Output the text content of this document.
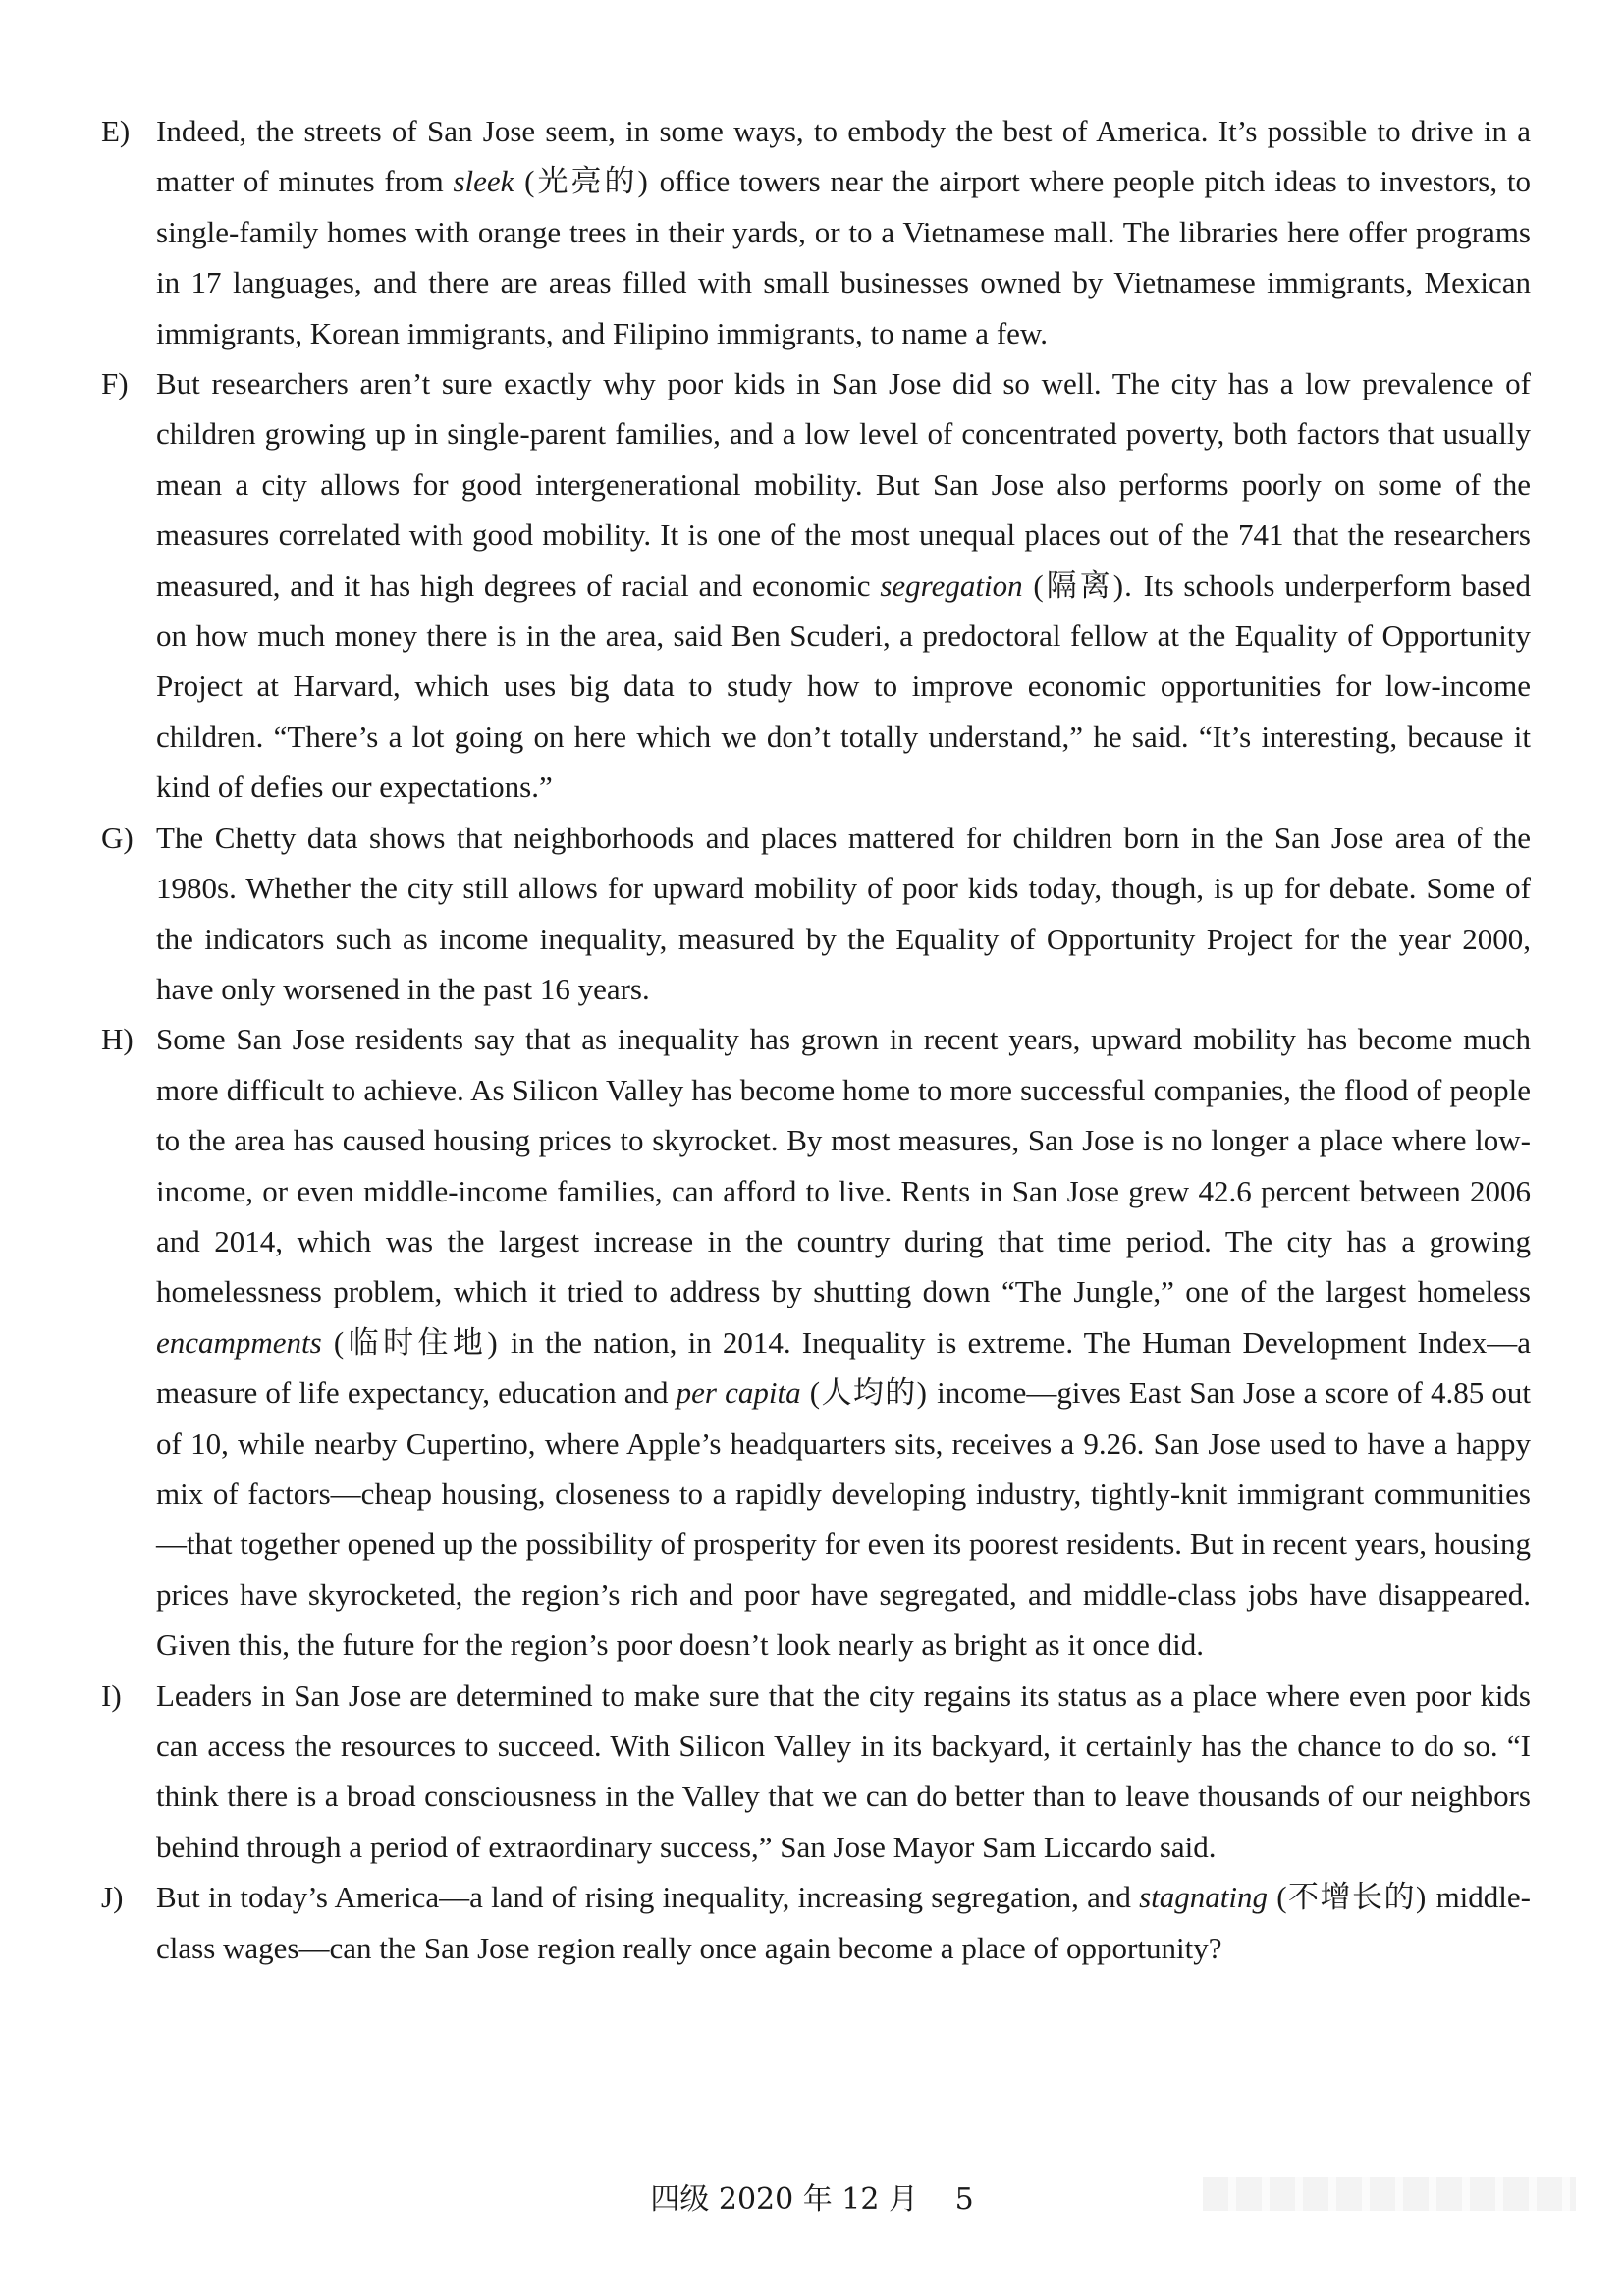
E) Indeed, the streets of San Jose seem, in some ways, to embody the best of America. It’s possible to drive in a matter of minutes from sleek (光亮的) office towers near the airport where people pitch ideas to investors, to single-family homes with orange trees in their yards, or to a Vietnamese mall. The libraries here offer programs in 17 languages, and there are areas filled with small businesses owned by Vietnamese immigrants, Mexican immigrants, Korean immigrants, and Filipino immigrants, to name a few.

F) But researchers aren’t sure exactly why poor kids in San Jose did so well. The city has a low prevalence of children growing up in single-parent families, and a low level of concentrated poverty, both factors that usually mean a city allows for good intergenerational mobility. But San Jose also performs poorly on some of the measures correlated with good mobility. It is one of the most unequal places out of the 741 that the researchers measured, and it has high degrees of racial and economic segregation (隔离). Its schools underperform based on how much money there is in the area, said Ben Scuderi, a predoctoral fellow at the Equality of Opportunity Project at Harvard, which uses big data to study how to improve economic opportunities for low-income children. “There’s a lot going on here which we don’t totally understand,” he said. “It’s interesting, because it kind of defies our expectations.”

G) The Chetty data shows that neighborhoods and places mattered for children born in the San Jose area of the 1980s. Whether the city still allows for upward mobility of poor kids today, though, is up for debate. Some of the indicators such as income inequality, measured by the Equality of Opportunity Project for the year 2000, have only worsened in the past 16 years.

H) Some San Jose residents say that as inequality has grown in recent years, upward mobility has become much more difficult to achieve. As Silicon Valley has become home to more successful companies, the flood of people to the area has caused housing prices to skyrocket. By most measures, San Jose is no longer a place where low-income, or even middle-income families, can afford to live. Rents in San Jose grew 42.6 percent between 2006 and 2014, which was the largest increase in the country during that time period. The city has a growing homelessness problem, which it tried to address by shutting down “The Jungle,” one of the largest homeless encampments (临时住地) in the nation, in 2014. Inequality is extreme. The Human Development Index—a measure of life expectancy, education and per capita (人均的) income—gives East San Jose a score of 4.85 out of 10, while nearby Cupertino, where Apple’s headquarters sits, receives a 9.26. San Jose used to have a happy mix of factors—cheap housing, closeness to a rapidly developing industry, tightly-knit immigrant communities—that together opened up the possibility of prosperity for even its poorest residents. But in recent years, housing prices have skyrocketed, the region’s rich and poor have segregated, and middle-class jobs have disappeared. Given this, the future for the region’s poor doesn’t look nearly as bright as it once did.

I) Leaders in San Jose are determined to make sure that the city regains its status as a place where even poor kids can access the resources to succeed. With Silicon Valley in its backyard, it certainly has the chance to do so. “I think there is a broad consciousness in the Valley that we can do better than to leave thousands of our neighbors behind through a period of extraordinary success,” San Jose Mayor Sam Liccardo said.

J) But in today’s America—a land of rising inequality, increasing segregation, and stagnating (不增长的) middle-class wages—can the San Jose region really once again become a place of opportunity?

四级 2020 年 12 月 5
